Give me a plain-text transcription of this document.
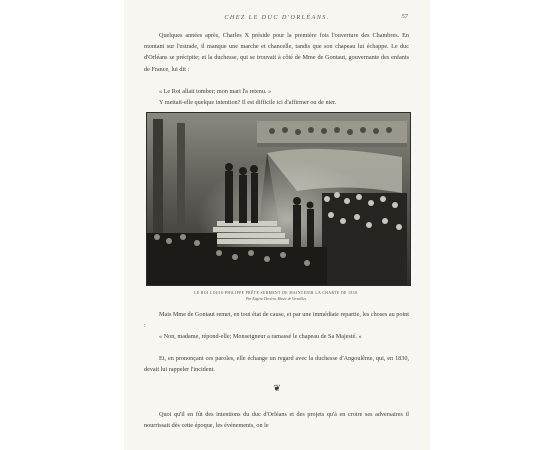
CHEZ LE DUC D'ORLÉANS.	57

Quelques années après, Charles X préside pour la première fois l'ouverture des Chambres. En montant sur l'estrade, il manque une marche et chancelle, tandis que son chapeau lui échappe. Le duc d'Orléans se précipite; et la duchesse, qui se trouvait à côté de Mme de Gontaut, gouvernante des enfants de France, lui dit :

« Le Roi allait tomber; mon mari l'a retenu. »

Y mettait-elle quelque intention? Il est difficile ici d'affirmer ou de nier.

LE ROI LOUIS-PHILIPPE PRÊTE SERMENT DE MAINTENIR LA CHARTE DE 1830.
Par Eugène Devéria. Musée de Versailles.

Mais Mme de Gontaut remet, en tout état de cause, et par une immédiate repartie, les choses au point :

« Non, madame, répond-elle; Monseigneur a ramassé le chapeau de Sa Majesté. »

Et, en prononçant ces paroles, elle échange un regard avec la duchesse d'Angoulême, qui, en 1830, devait lui rappeler l'incident.

❦

Quoi qu'il en fût des intentions du duc d'Orléans et des projets qu'à en croire ses adversaires il nourrissait dès cette époque, les événements, on le
